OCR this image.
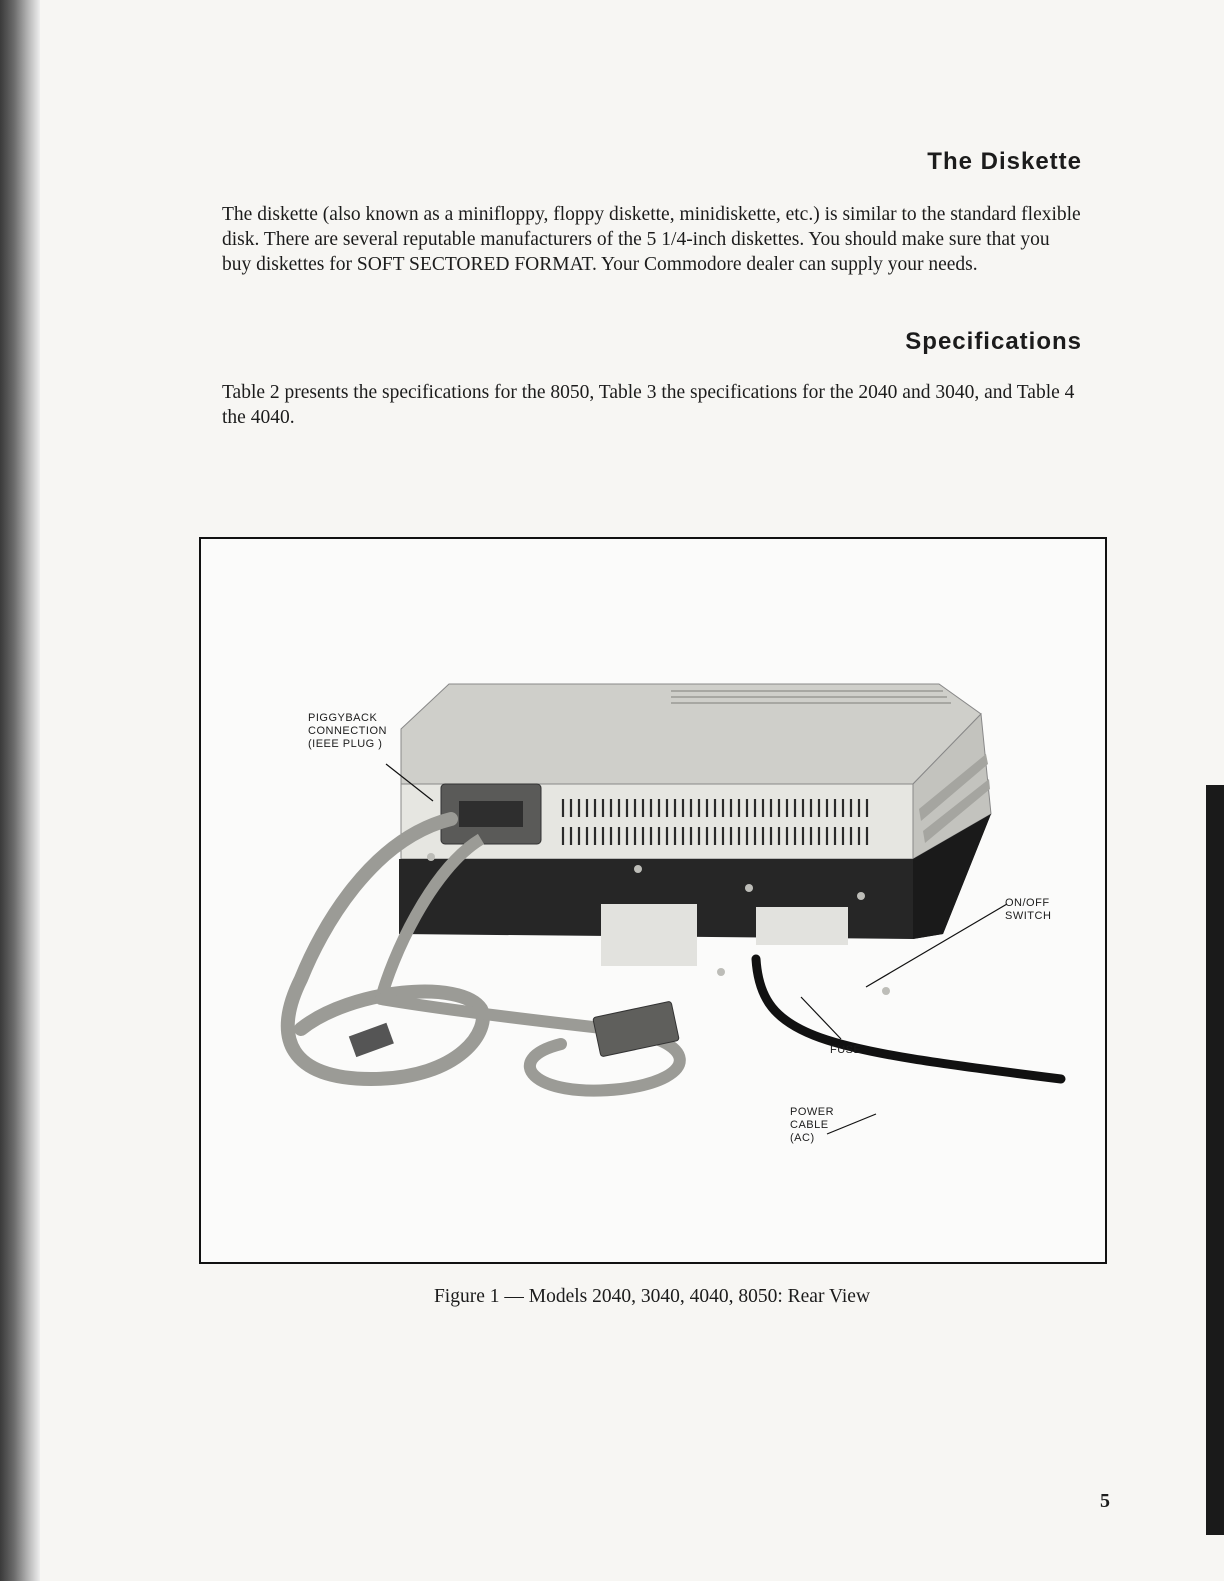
The Diskette

The diskette (also known as a minifloppy, floppy diskette, minidiskette, etc.) is similar to the standard flexible disk. There are several reputable manufacturers of the 5 1/4-inch diskettes. You should make sure that you buy diskettes for SOFT SECTORED FORMAT. Your Commodore dealer can supply your needs.

Specifications

Table 2 presents the specifications for the 8050, Table 3 the specifications for the 2040 and 3040, and Table 4 the 4040.

PIGGYBACK
CONNECTION
(IEEE PLUG )
ON/OFF
SWITCH
FUSE
POWER
CABLE
(AC)

Figure 1 — Models 2040, 3040, 4040, 8050: Rear View

5
